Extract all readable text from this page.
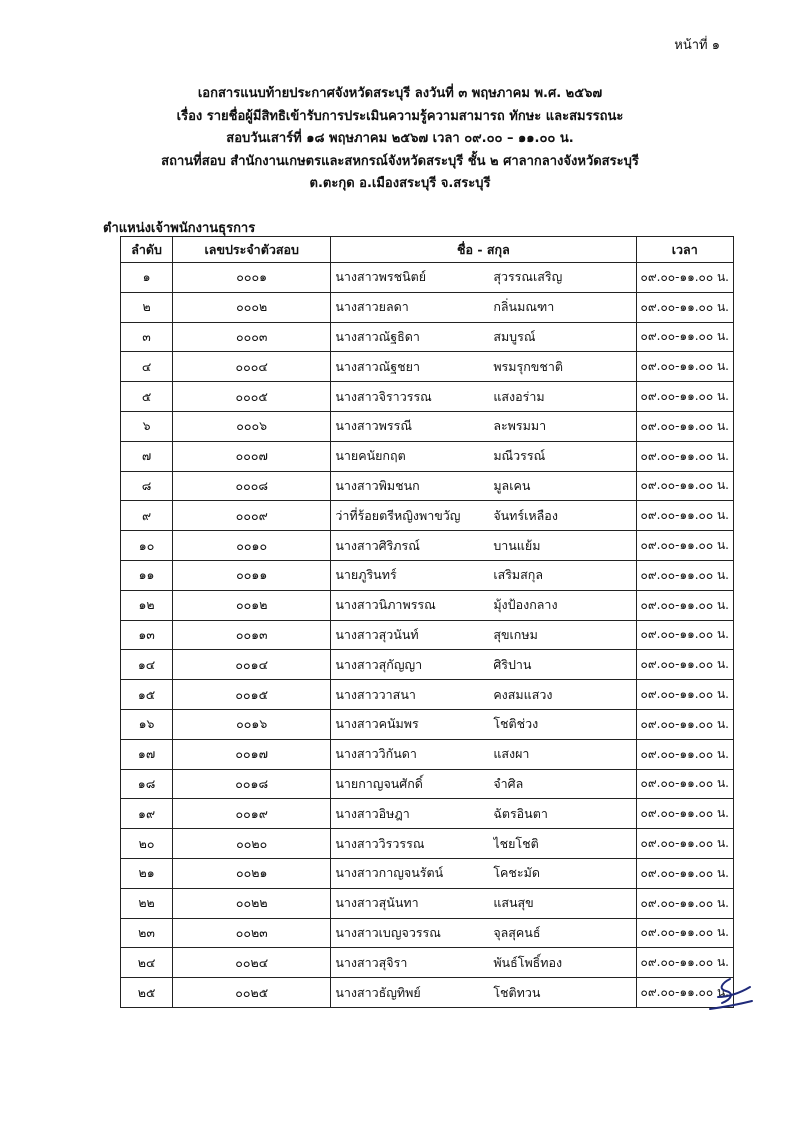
หน้าที่ ๑
เอกสารแนบท้ายประกาศจังหวัดสระบุรี ลงวันที่ ๓ พฤษภาคม พ.ศ. ๒๕๖๗
เรื่อง รายชื่อผู้มีสิทธิเข้ารับการประเมินความรู้ความสามารถ ทักษะ และสมรรถนะ
สอบวันเสาร์ที่ ๑๘ พฤษภาคม ๒๕๖๗ เวลา ๐๙.๐๐ – ๑๑.๐๐ น.
สถานที่สอบ สำนักงานเกษตรและสหกรณ์จังหวัดสระบุรี ชั้น ๒ ศาลากลางจังหวัดสระบุรี
ต.ตะกุด อ.เมืองสระบุรี จ.สระบุรี
ตำแหน่งเจ้าพนักงานธุรการ
ลำดับ	เลขประจำตัวสอบ	ชื่อ - สกุล	เวลา
๑	๐๐๐๑	นางสาวพรชนิตย์ สุวรรณเสริญ	๐๙.๐๐-๑๑.๐๐ น.
๒	๐๐๐๒	นางสาวยลดา กลิ่นมณฑา	๐๙.๐๐-๑๑.๐๐ น.
๓	๐๐๐๓	นางสาวณัฐธิดา สมบูรณ์	๐๙.๐๐-๑๑.๐๐ น.
๔	๐๐๐๔	นางสาวณัฐชยา พรมรุกขชาติ	๐๙.๐๐-๑๑.๐๐ น.
๕	๐๐๐๕	นางสาวจิราวรรณ แสงอร่าม	๐๙.๐๐-๑๑.๐๐ น.
๖	๐๐๐๖	นางสาวพรรณี ละพรมมา	๐๙.๐๐-๑๑.๐๐ น.
๗	๐๐๐๗	นายคนัยกฤต มณีวรรณ์	๐๙.๐๐-๑๑.๐๐ น.
๘	๐๐๐๘	นางสาวพิมชนก มูลเคน	๐๙.๐๐-๑๑.๐๐ น.
๙	๐๐๐๙	ว่าที่ร้อยตรีหญิงพาขวัญ จันทร์เหลือง	๐๙.๐๐-๑๑.๐๐ น.
๑๐	๐๐๑๐	นางสาวศิริภรณ์ บานแย้ม	๐๙.๐๐-๑๑.๐๐ น.
๑๑	๐๐๑๑	นายภูรินทร์ เสริมสกุล	๐๙.๐๐-๑๑.๐๐ น.
๑๒	๐๐๑๒	นางสาวนิภาพรรณ มุ้งป้องกลาง	๐๙.๐๐-๑๑.๐๐ น.
๑๓	๐๐๑๓	นางสาวสุวนันท์ สุขเกษม	๐๙.๐๐-๑๑.๐๐ น.
๑๔	๐๐๑๔	นางสาวสุกัญญา ศิริปาน	๐๙.๐๐-๑๑.๐๐ น.
๑๕	๐๐๑๕	นางสาววาสนา คงสมแสวง	๐๙.๐๐-๑๑.๐๐ น.
๑๖	๐๐๑๖	นางสาวคนัมพร โชติช่วง	๐๙.๐๐-๑๑.๐๐ น.
๑๗	๐๐๑๗	นางสาววิกันดา แสงผา	๐๙.๐๐-๑๑.๐๐ น.
๑๘	๐๐๑๘	นายกาญจนศักดิ์ จำศิล	๐๙.๐๐-๑๑.๐๐ น.
๑๙	๐๐๑๙	นางสาวอิษฎา ฉัตรอินตา	๐๙.๐๐-๑๑.๐๐ น.
๒๐	๐๐๒๐	นางสาววิรวรรณ ไชยโชติ	๐๙.๐๐-๑๑.๐๐ น.
๒๑	๐๐๒๑	นางสาวกาญจนรัตน์ โคชะมัด	๐๙.๐๐-๑๑.๐๐ น.
๒๒	๐๐๒๒	นางสาวสุนันทา แสนสุข	๐๙.๐๐-๑๑.๐๐ น.
๒๓	๐๐๒๓	นางสาวเบญจวรรณ จุลสุคนธ์	๐๙.๐๐-๑๑.๐๐ น.
๒๔	๐๐๒๔	นางสาวสุจิรา พันธ์โพธิ์ทอง	๐๙.๐๐-๑๑.๐๐ น.
๒๕	๐๐๒๕	นางสาวธัญทิพย์ โชติทวน	๐๙.๐๐-๑๑.๐๐ น.
